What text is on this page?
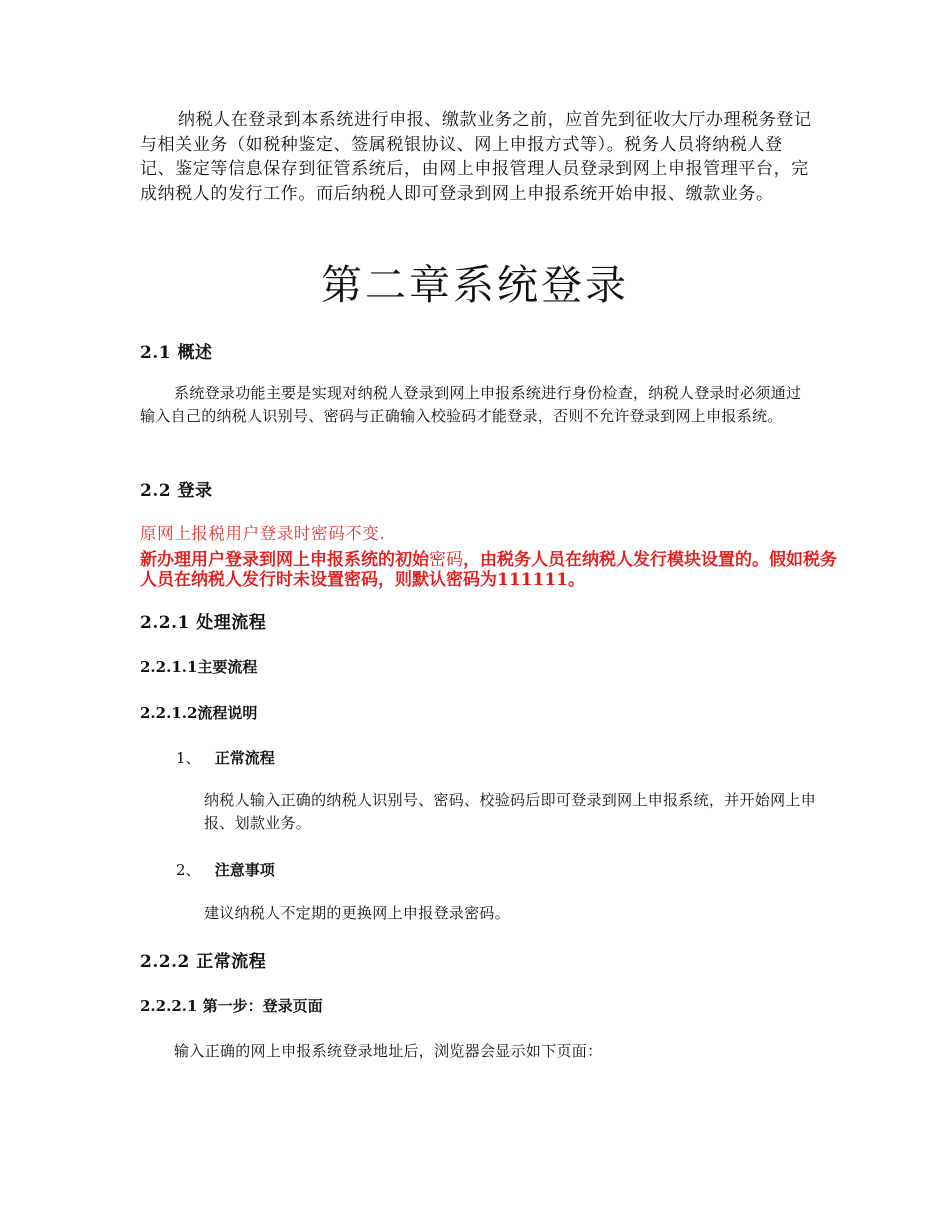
纳税人在登录到本系统进行申报、缴款业务之前，应首先到征收大厅办理税务登记与相关业务（如税种鉴定、签属税银协议、网上申报方式等）。税务人员将纳税人登记、鉴定等信息保存到征管系统后，由网上申报管理人员登录到网上申报管理平台，完成纳税人的发行工作。而后纳税人即可登录到网上申报系统开始申报、缴款业务。

第二章系统登录
2.1 概述

系统登录功能主要是实现对纳税人登录到网上申报系统进行身份检查，纳税人登录时必须通过输入自己的纳税人识别号、密码与正确输入校验码才能登录，否则不允许登录到网上申报系统。

2.2 登录

原网上报税用户登录时密码不变.

新办理用户登录到网上申报系统的初始密码，由税务人员在纳税人发行模块设置的。假如税务人员在纳税人发行时未设置密码，则默认密码为111111。

2.2.1 处理流程
2.2.1.1主要流程
2.2.1.2流程说明
1、 正常流程

纳税人输入正确的纳税人识别号、密码、校验码后即可登录到网上申报系统，并开始网上申报、划款业务。

2、 注意事项

建议纳税人不定期的更换网上申报登录密码。

2.2.2 正常流程
2.2.2.1 第一步：登录页面

输入正确的网上申报系统登录地址后，浏览器会显示如下页面：
